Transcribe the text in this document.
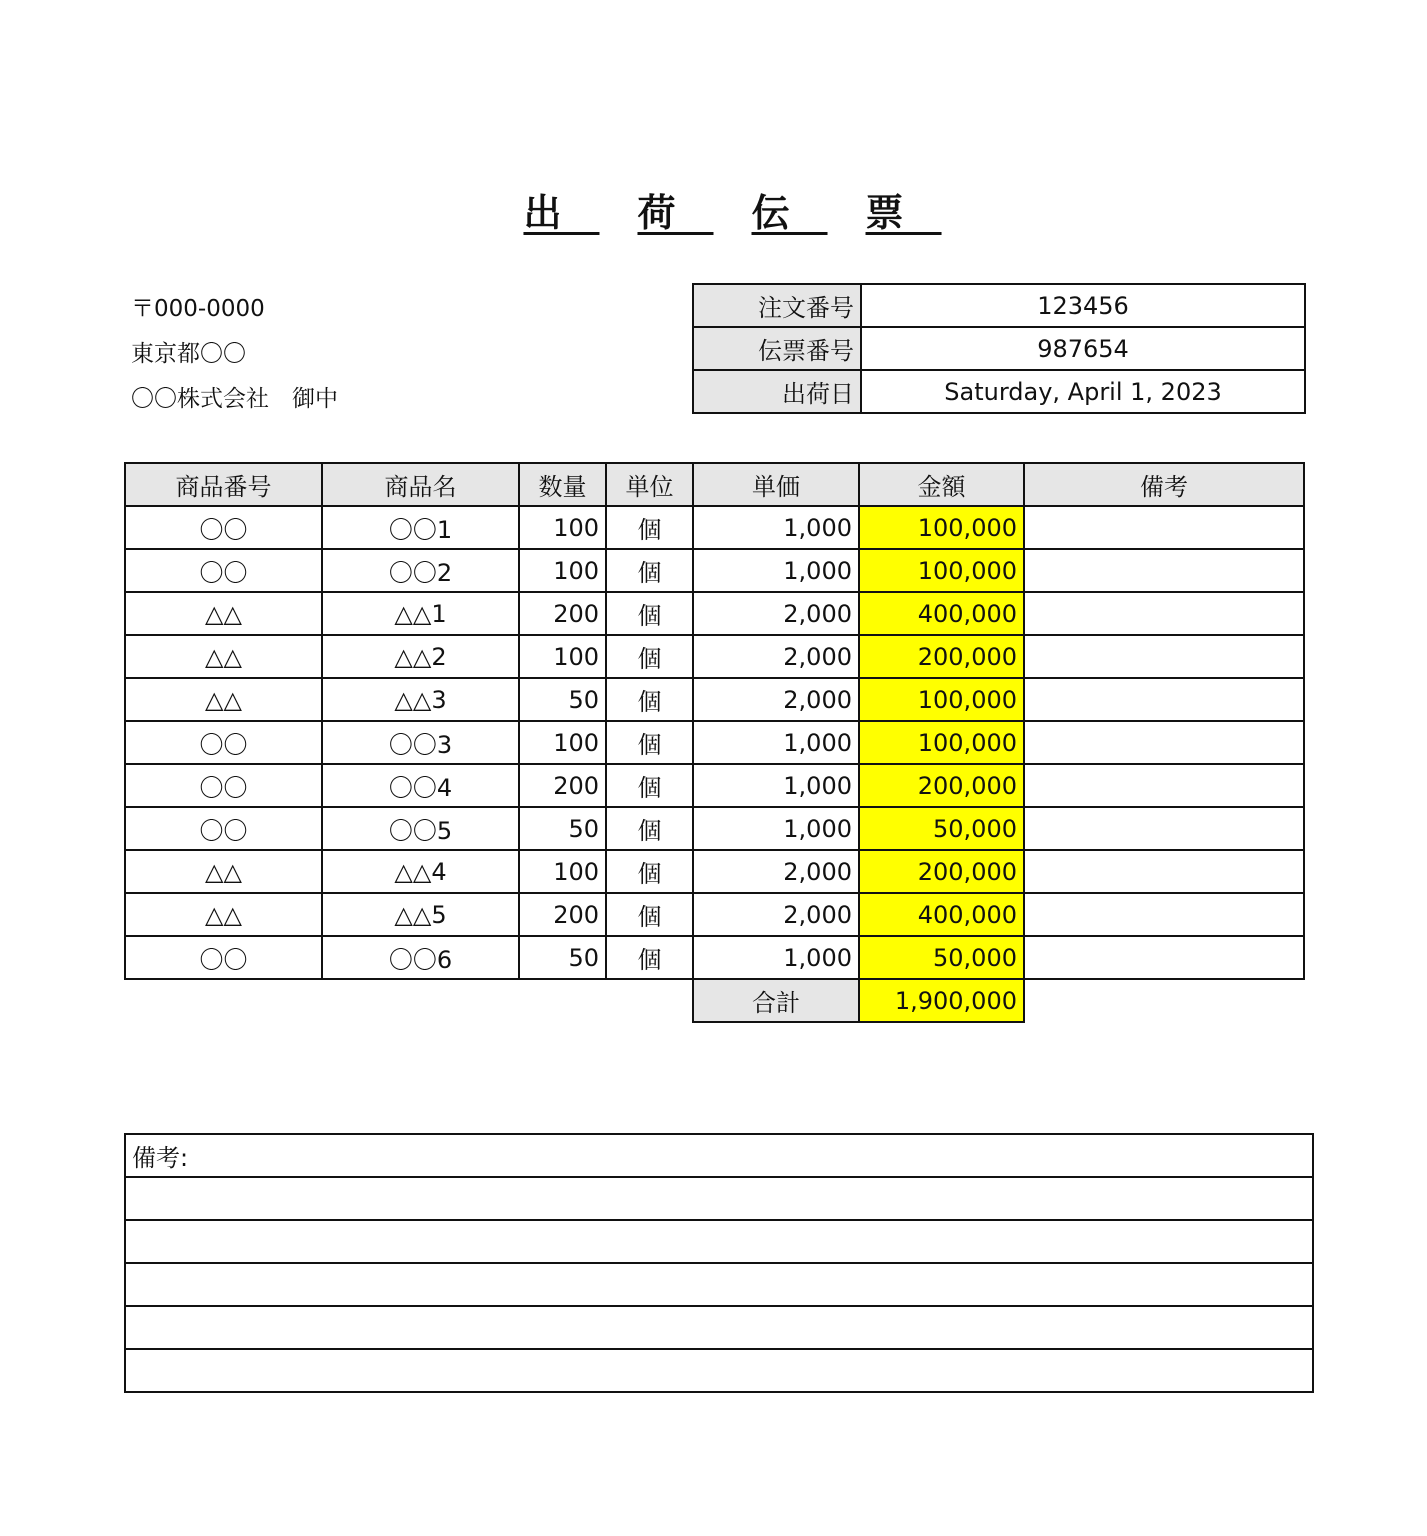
出 荷 伝 票
〒000-0000
東京都〇〇
〇〇株式会社　御中
注文番号	123456
伝票番号	987654
出荷日	Saturday, April 1, 2023
商品番号	商品名	数量	単位	単価	金額	備考
〇〇	〇〇1	100	個	1,000	100,000	
〇〇	〇〇2	100	個	1,000	100,000	
△△	△△1	200	個	2,000	400,000	
△△	△△2	100	個	2,000	200,000	
△△	△△3	50	個	2,000	100,000	
〇〇	〇〇3	100	個	1,000	100,000	
〇〇	〇〇4	200	個	1,000	200,000	
〇〇	〇〇5	50	個	1,000	50,000	
△△	△△4	100	個	2,000	200,000	
△△	△△5	200	個	2,000	400,000	
〇〇	〇〇6	50	個	1,000	50,000	
				合計	1,900,000	
備考:
